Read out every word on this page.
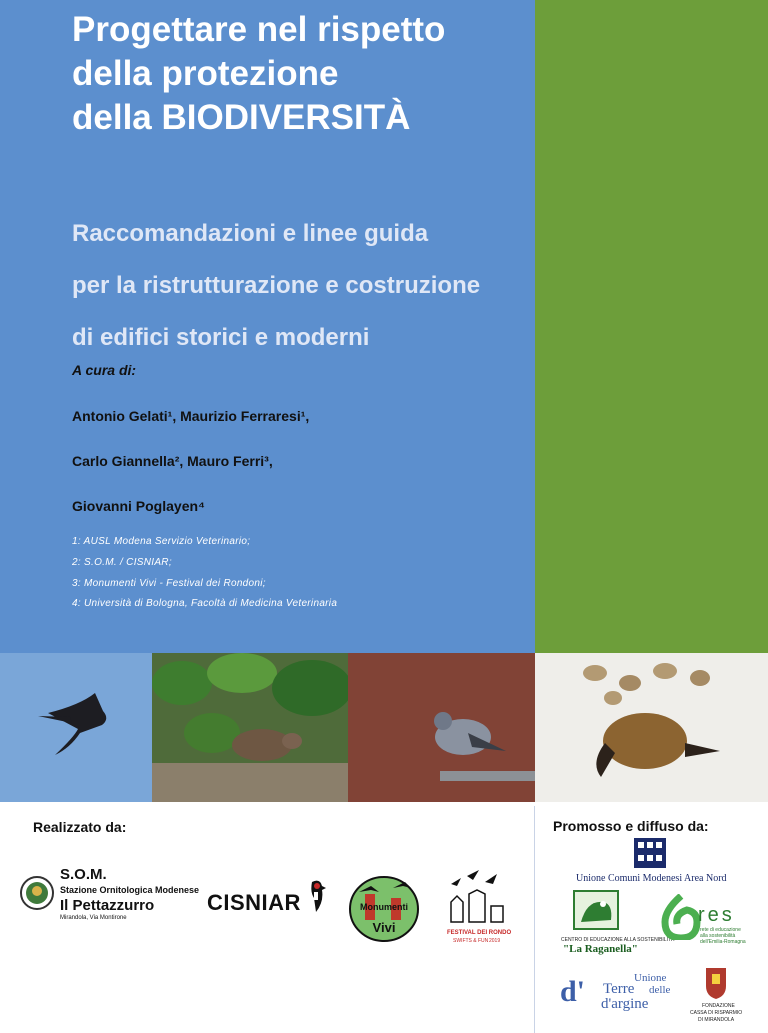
Progettare nel rispetto
della protezione
della BIODIVERSITÀ
Raccomandazioni e linee guida
per la ristrutturazione e costruzione
di edifici storici e moderni
A cura di:
Antonio Gelati¹, Maurizio Ferraresi¹,
Carlo Giannella², Mauro Ferri³,
Giovanni Poglayen⁴
1: AUSL Modena Servizio Veterinario;
2: S.O.M. / CISNIAR;
3: Monumenti Vivi - Festival dei Rondoni;
4: Università di Bologna, Facoltà di Medicina Veterinaria
Realizzato da:	Promosso e diffuso da:
S.O.M.
Stazione Ornitologica Modenese
Il Pettazzurro
Mirandola, Via Montirone
CISNIAR	Monumenti
Vivi	FESTIVAL DEI RONDONI
SWIFTS & FUN 2019
Unione Comuni Modenesi Area Nord
CENTRO DI EDUCAZIONE ALLA SOSTENIBILITÀ
"La Raganella"
res
rete di educazione
alla sostenibilità
dell'Emilia-Romagna
d'	Unione
delle
Terre
d'argine	FONDAZIONE
CASSA DI RISPARMIO
DI MIRANDOLA
